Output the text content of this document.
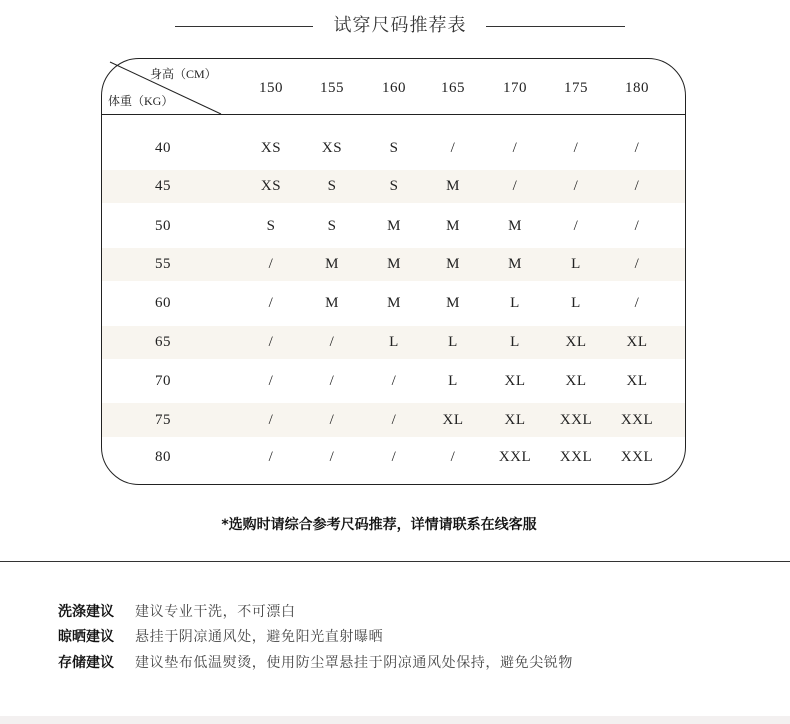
试穿尺码推荐表
身高（CM）
体重（KG）
150	155	160	165	170	175	180
40	XS	XS	S	/	/	/	/
45	XS	S	S	M	/	/	/
50	S	S	M	M	M	/	/
55	/	M	M	M	M	L	/
60	/	M	M	M	L	L	/
65	/	/	L	L	L	XL	XL
70	/	/	/	L	XL	XL	XL
75	/	/	/	XL	XL	XXL	XXL
80	/	/	/	/	XXL	XXL	XXL
*选购时请综合参考尺码推荐，详情请联系在线客服
洗涤建议 建议专业干洗，不可漂白
晾晒建议 悬挂于阴凉通风处，避免阳光直射曝晒
存储建议 建议垫布低温熨烫，使用防尘罩悬挂于阴凉通风处保持，避免尖锐物
